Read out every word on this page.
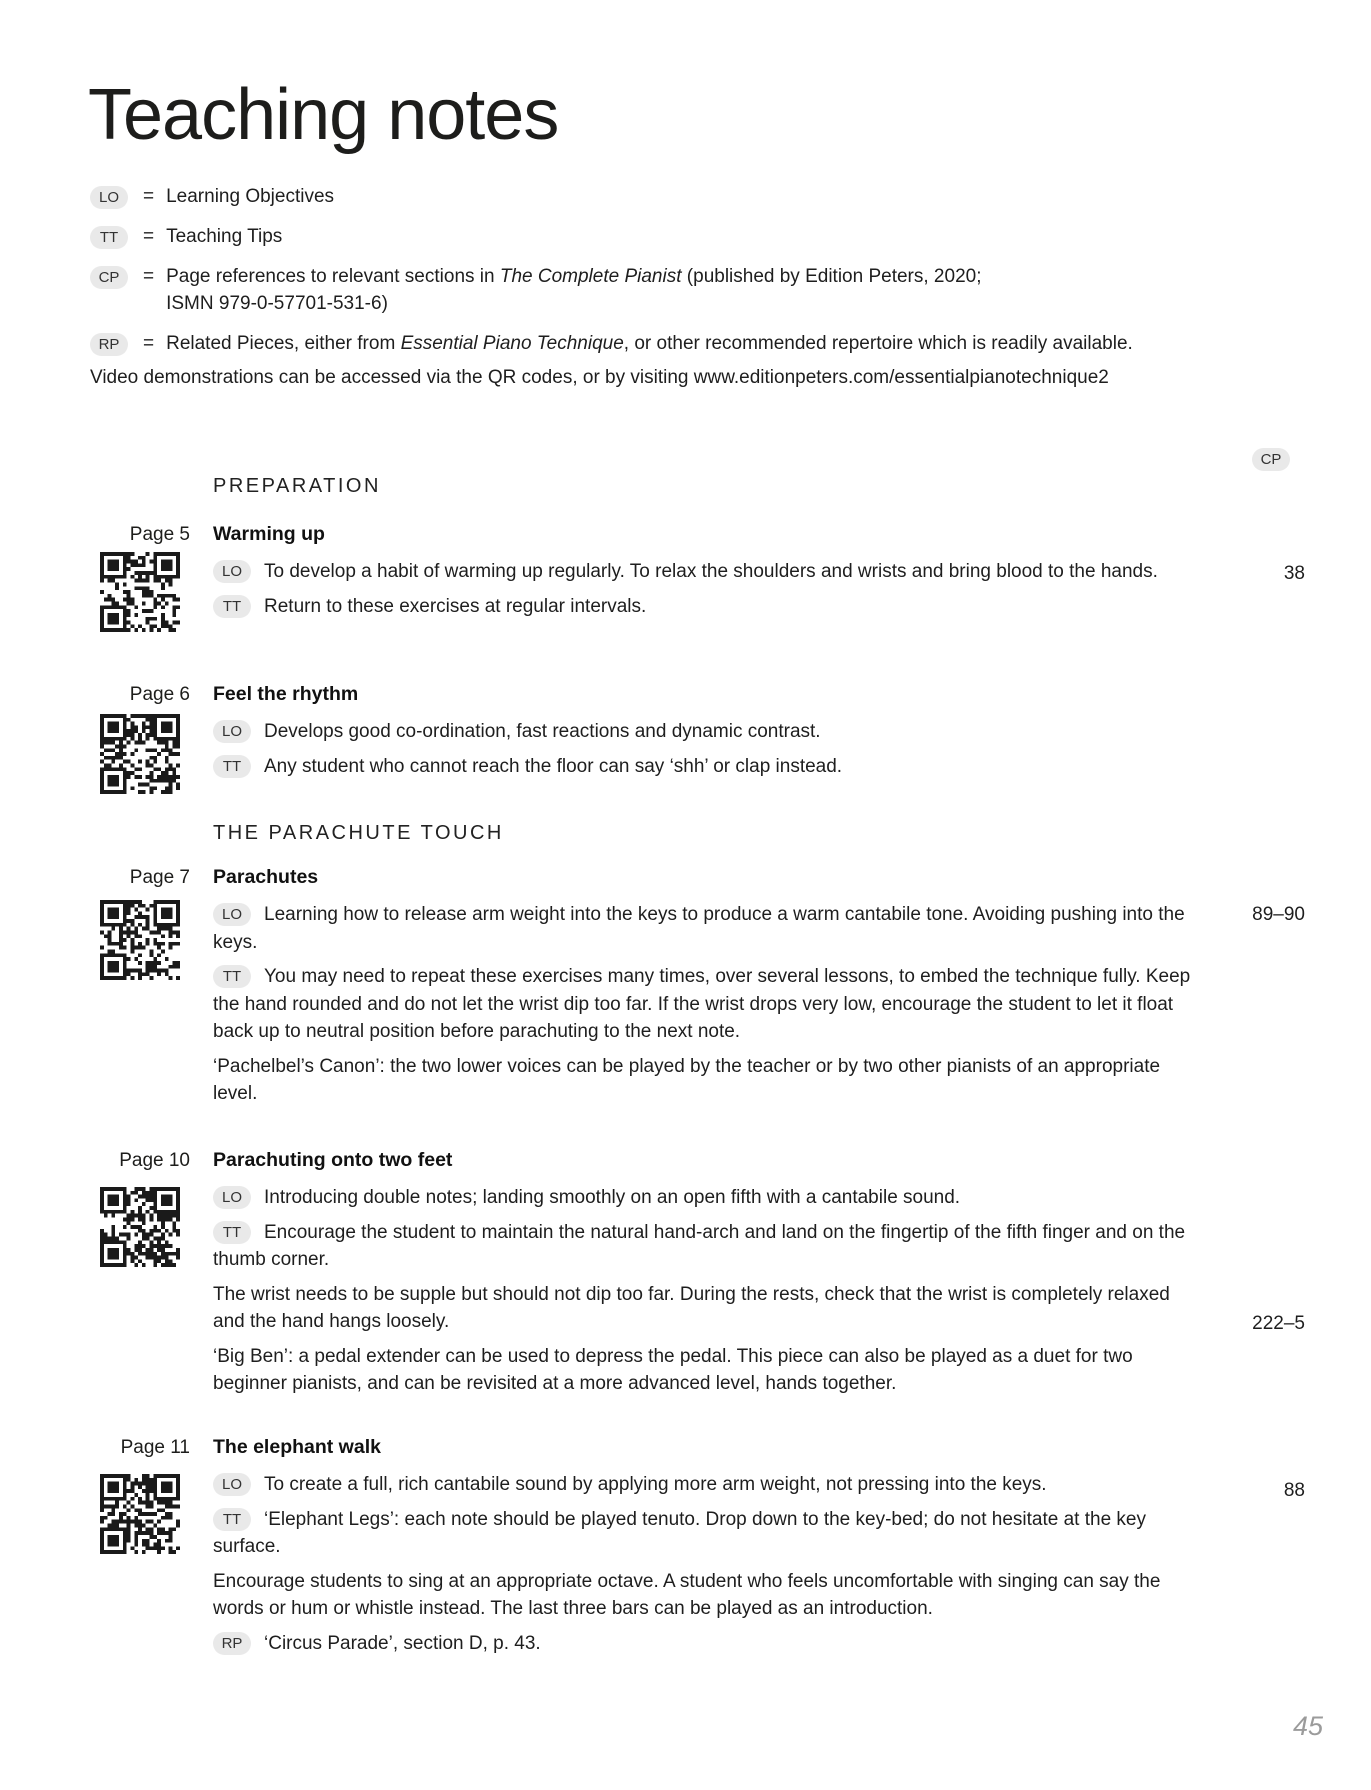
Teaching notes
LO	= Learning Objectives
TT	= Teaching Tips
CP	= Page references to relevant sections in The Complete Pianist (published by Edition Peters, 2020;
ISMN 979-0-57701-531-6)
RP	= Related Pieces, either from Essential Piano Technique, or other recommended repertoire which is readily available.

Video demonstrations can be accessed via the QR codes, or by visiting www.editionpeters.com/essentialpianotechnique2

CP
PREPARATION
Page 5 Warming up

LO To develop a habit of warming up regularly. To relax the shoulders and wrists and bring blood to the hands.

TT Return to these exercises at regular intervals.

38
Page 6 Feel the rhythm

LO Develops good co-ordination, fast reactions and dynamic contrast.

TT Any student who cannot reach the floor can say ‘shh’ or clap instead.

THE PARACHUTE TOUCH
Page 7 Parachutes

LO Learning how to release arm weight into the keys to produce a warm cantabile tone. Avoiding pushing into the keys.

TT You may need to repeat these exercises many times, over several lessons, to embed the technique fully. Keep the hand rounded and do not let the wrist dip too far. If the wrist drops very low, encourage the student to let it float back up to neutral position before parachuting to the next note.

‘Pachelbel’s Canon’: the two lower voices can be played by the teacher or by two other pianists of an appropriate level.

89–90
Page 10 Parachuting onto two feet

LO Introducing double notes; landing smoothly on an open fifth with a cantabile sound.

TT Encourage the student to maintain the natural hand-arch and land on the fingertip of the fifth finger and on the thumb corner.

The wrist needs to be supple but should not dip too far. During the rests, check that the wrist is completely relaxed and the hand hangs loosely.

‘Big Ben’: a pedal extender can be used to depress the pedal. This piece can also be played as a duet for two beginner pianists, and can be revisited at a more advanced level, hands together.

222–5
Page 11 The elephant walk

LO To create a full, rich cantabile sound by applying more arm weight, not pressing into the keys.

TT ‘Elephant Legs’: each note should be played tenuto. Drop down to the key-bed; do not hesitate at the key surface.

Encourage students to sing at an appropriate octave. A student who feels uncomfortable with singing can say the words or hum or whistle instead. The last three bars can be played as an introduction.

RP ‘Circus Parade’, section D, p. 43.

88
45
